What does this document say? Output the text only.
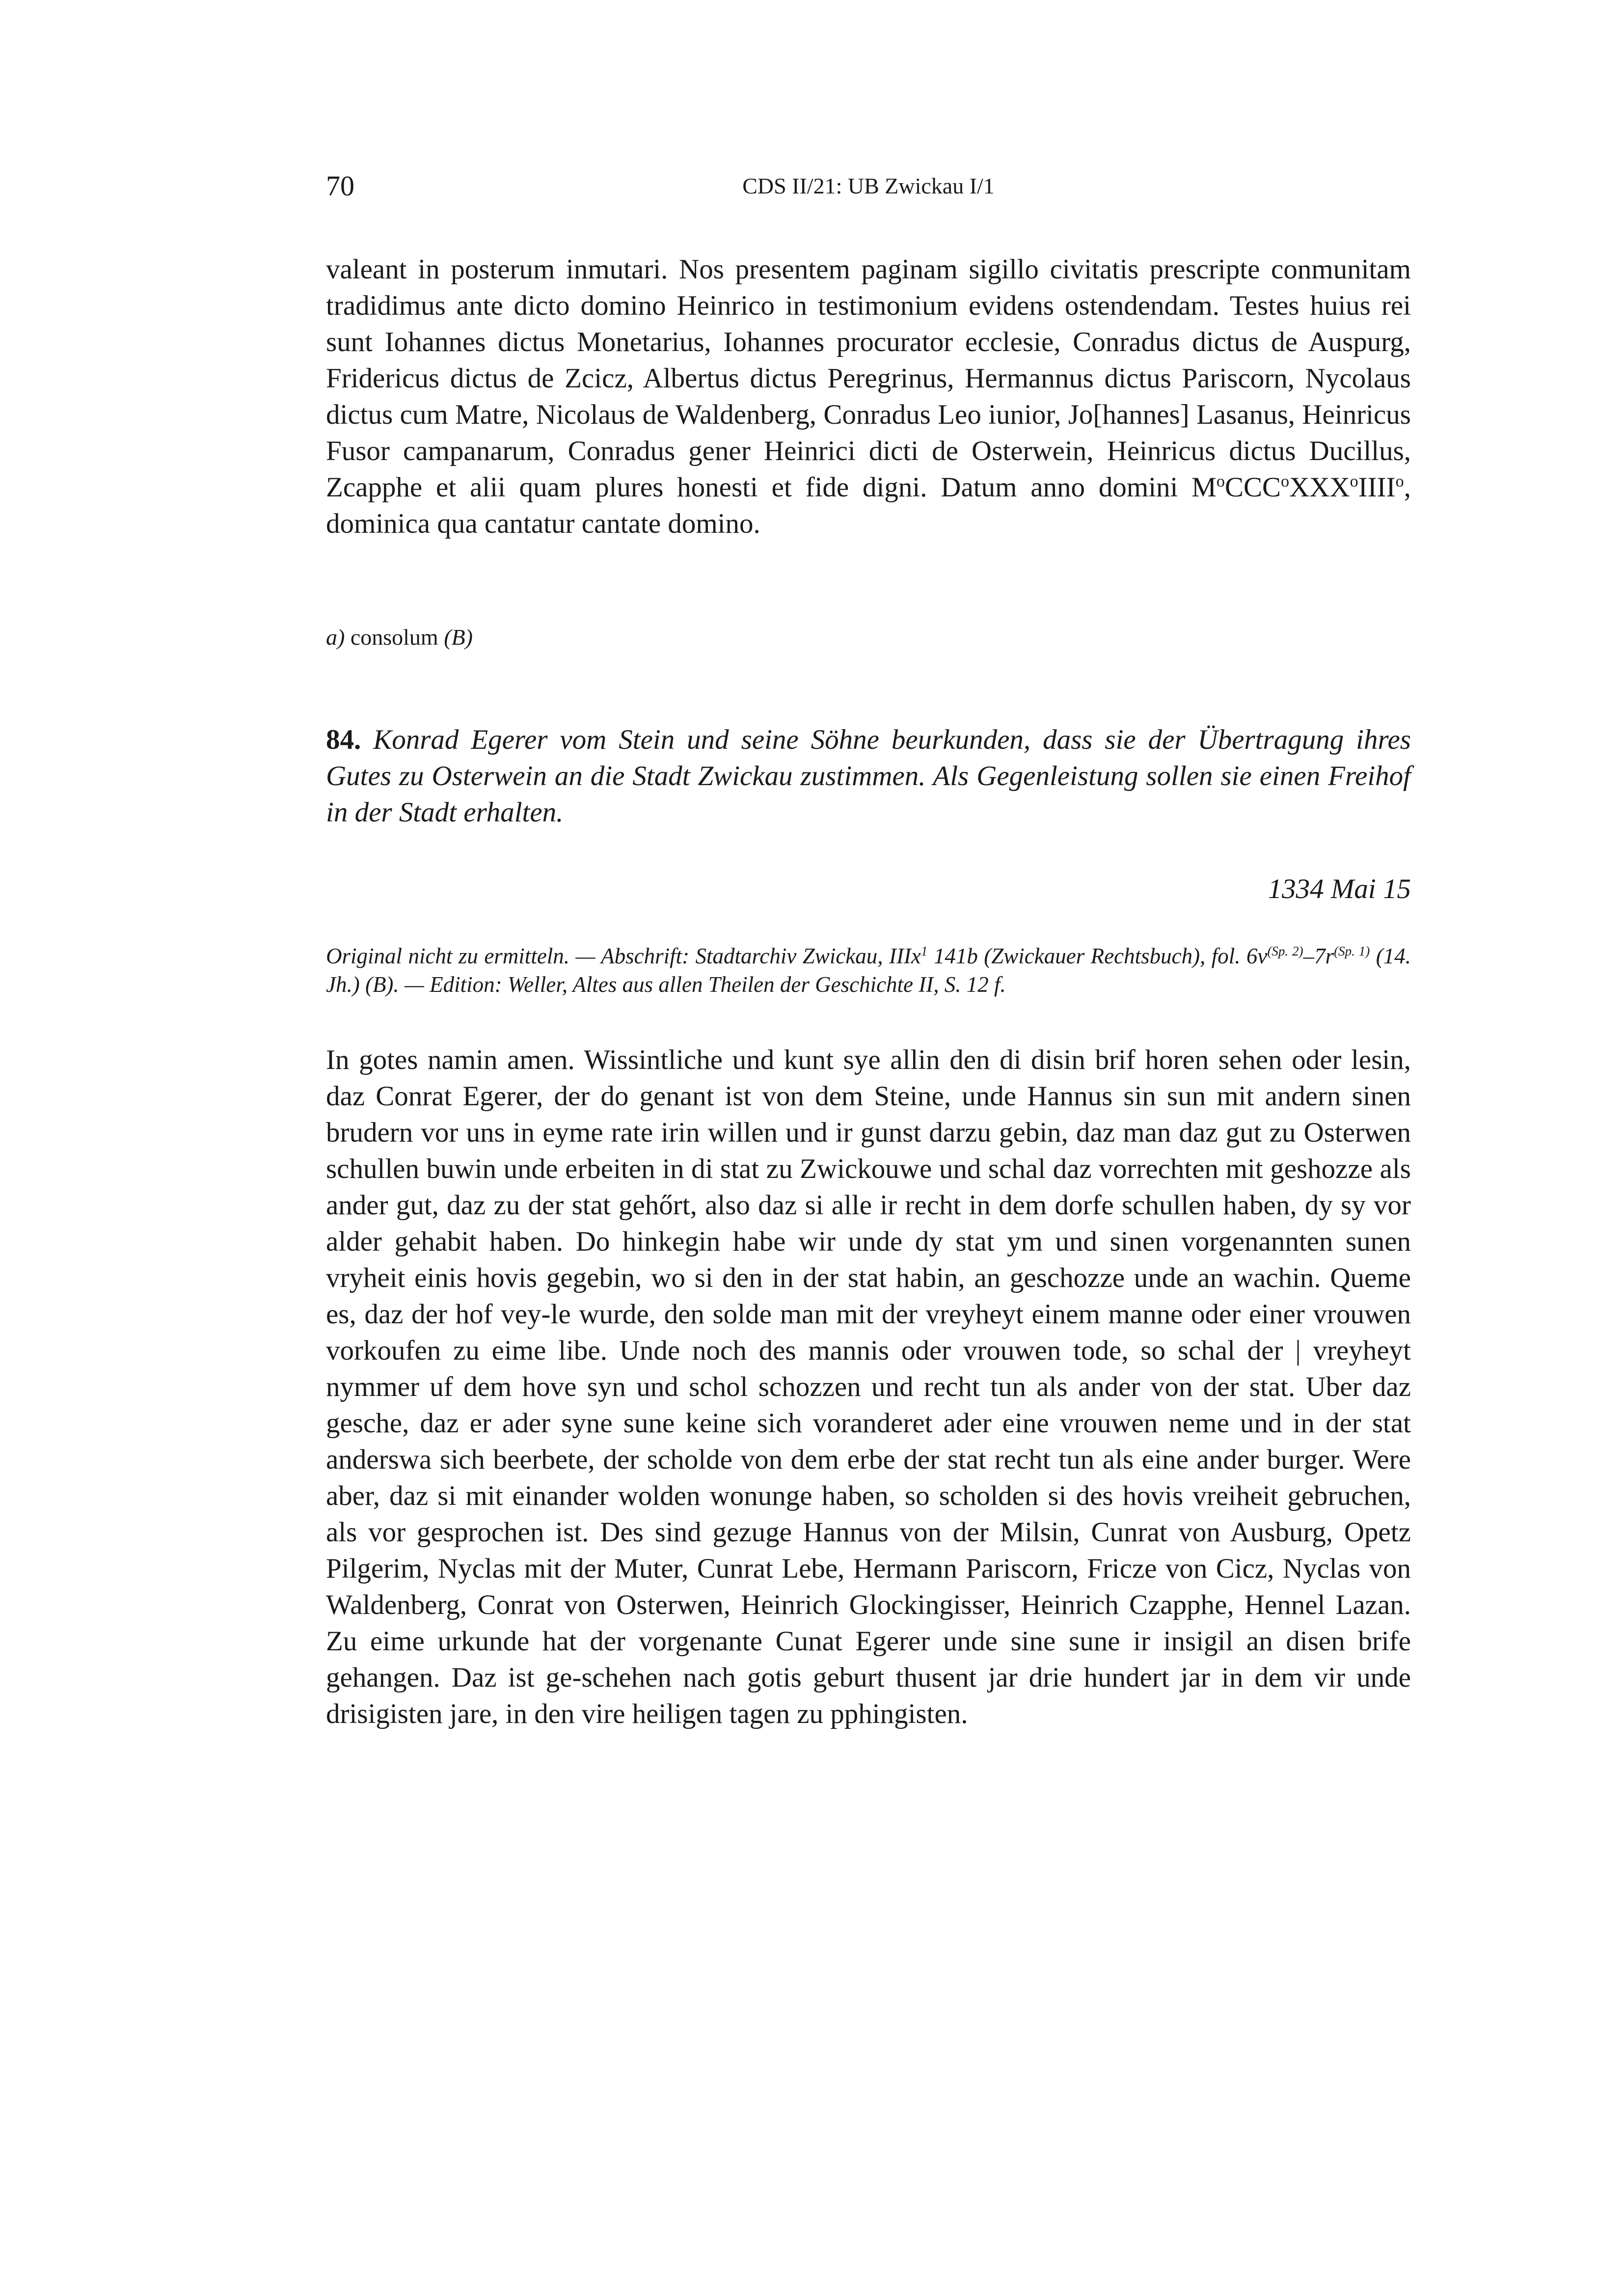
70	CDS II/21: UB Zwickau I/1

valeant in posterum inmutari. Nos presentem paginam sigillo civitatis prescripte conmunitam tradidimus ante dicto domino Heinrico in testimonium evidens ostendendam. Testes huius rei sunt Iohannes dictus Monetarius, Iohannes procurator ecclesie, Conradus dictus de Auspurg, Fridericus dictus de Zcicz, Albertus dictus Peregrinus, Hermannus dictus Pariscorn, Nycolaus dictus cum Matre, Nicolaus de Waldenberg, Conradus Leo iunior, Jo[hannes] Lasanus, Heinricus Fusor campanarum, Conradus gener Heinrici dicti de Osterwein, Heinricus dictus Ducillus, Zcapphe et alii quam plures honesti et fide digni. Datum anno domini $M^oCCC^oXXX^oIIII^o$, dominica qua cantatur cantate domino.

a) consolum (B)

84. Konrad Egerer vom Stein und seine Söhne beurkunden, dass sie der Übertragung ihres Gutes zu Osterwein an die Stadt Zwickau zustimmen. Als Gegenleistung sollen sie einen Freihof in der Stadt erhalten.

1334 Mai 15

Original nicht zu ermitteln. — Abschrift: Stadtarchiv Zwickau, IIIx$^1$ 141b (Zwickauer Rechtsbuch), fol. $6v^{(Sp. 2)}-7r^{(Sp. 1)}$ (14. Jh.) (B). — Edition: Weller, Altes aus allen Theilen der Geschichte II, S. 12 f.

In gotes namin amen. Wissintliche und kunt sye allin den di disin brif horen sehen oder lesin, daz Conrat Egerer, der do genant ist von dem Steine, unde Hannus sin sun mit andern sinen brudern vor uns in eyme rate irin willen und ir gunst darzu gebin, daz man daz gut zu Osterwen schullen buwin unde erbeiten in di stat zu Zwickouwe und schal daz vorrechten mit geshozze als ander gut, daz zu der stat gehőrt, also daz si alle ir recht in dem dorfe schullen haben, dy sy vor alder gehabit haben. Do hinkegin habe wir unde dy stat ym und sinen vorgenannten sunen vryheit einis hovis gegebin, wo si den in der stat habin, an geschozze unde an wachin. Queme es, daz der hof vey-le wurde, den solde man mit der vreyheyt einem manne oder einer vrouwen vorkoufen zu eime libe. Unde noch des mannis oder vrouwen tode, so schal der | vreyheyt nymmer uf dem hove syn und schol schozzen und recht tun als ander von der stat. Uber daz gesche, daz er ader syne sune keine sich voranderet ader eine vrouwen neme und in der stat anderswa sich beerbete, der scholde von dem erbe der stat recht tun als eine ander burger. Were aber, daz si mit einander wolden wonunge haben, so scholden si des hovis vreiheit gebruchen, als vor gesprochen ist. Des sind gezuge Hannus von der Milsin, Cunrat von Ausburg, Opetz Pilgerim, Nyclas mit der Muter, Cunrat Lebe, Hermann Pariscorn, Fricze von Cicz, Nyclas von Waldenberg, Conrat von Osterwen, Heinrich Glockingisser, Heinrich Czapphe, Hennel Lazan. Zu eime urkunde hat der vorgenante Cunat Egerer unde sine sune ir insigil an disen brife gehangen. Daz ist ge-schehen nach gotis geburt thusent jar drie hundert jar in dem vir unde drisigisten jare, in den vire heiligen tagen zu pphingisten.
